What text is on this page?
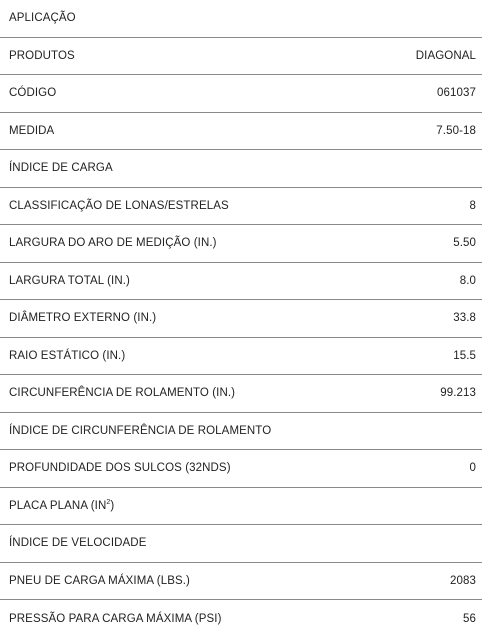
APLICAÇÃO
PRODUTOS	DIAGONAL
CÓDIGO	061037
MEDIDA	7.50-18
ÍNDICE DE CARGA
CLASSIFICAÇÃO DE LONAS/ESTRELAS	8
LARGURA DO ARO DE MEDIÇÃO (IN.)	5.50
LARGURA TOTAL (IN.)	8.0
DIÂMETRO EXTERNO (IN.)	33.8
RAIO ESTÁTICO (IN.)	15.5
CIRCUNFERÊNCIA DE ROLAMENTO (IN.)	99.213
ÍNDICE DE CIRCUNFERÊNCIA DE ROLAMENTO
PROFUNDIDADE DOS SULCOS (32NDS)	0
PLACA PLANA $(IN^2)$
ÍNDICE DE VELOCIDADE
PNEU DE CARGA MÁXIMA (LBS.)	2083
PRESSÃO PARA CARGA MÁXIMA (PSI)	56
